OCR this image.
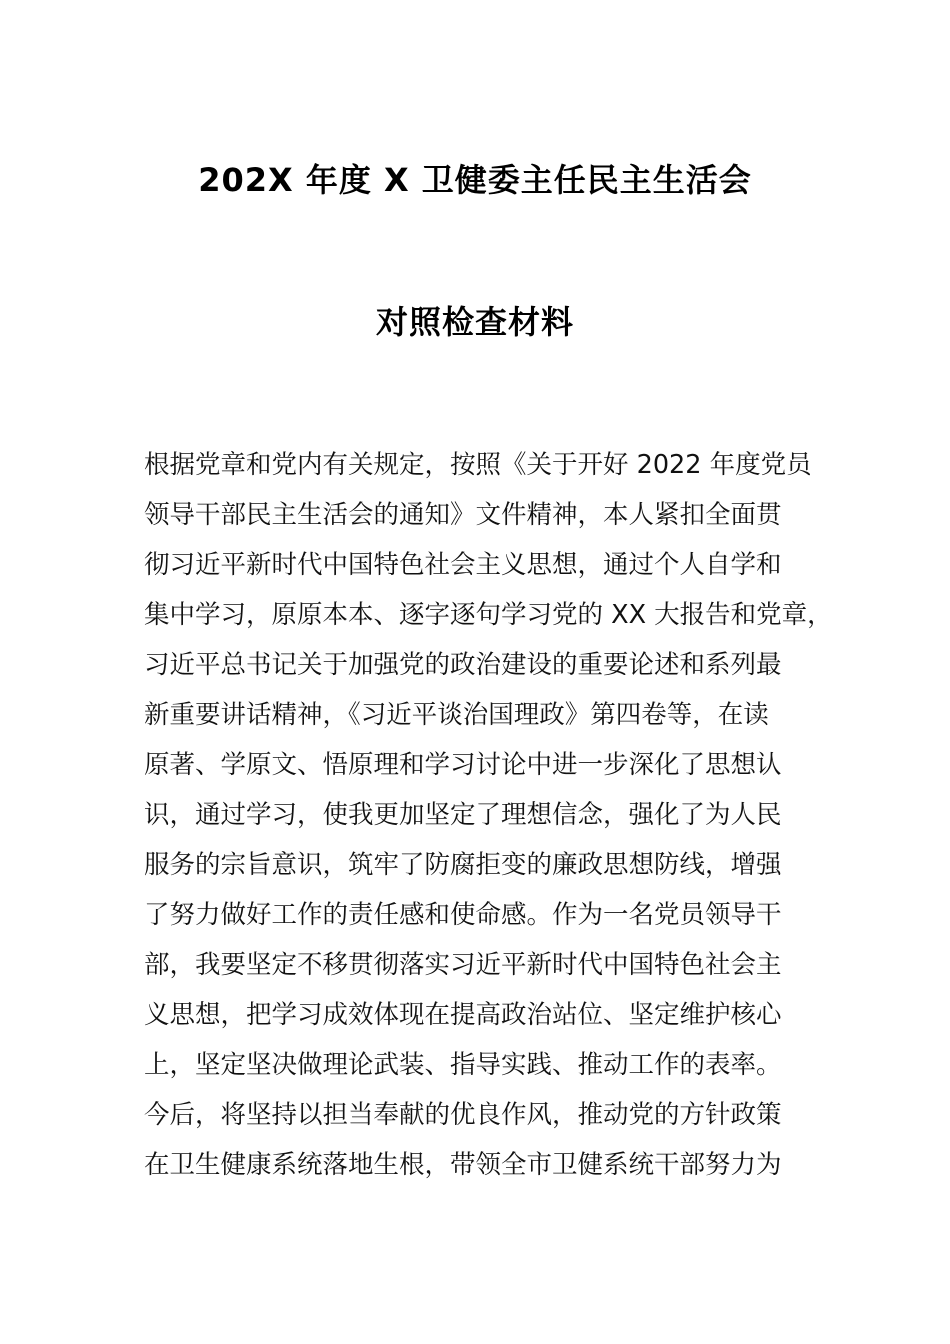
202X 年度 X 卫健委主任民主生活会
对照检查材料
根据党章和党内有关规定，按照《关于开好 2022 年度党员
领导干部民主生活会的通知》文件精神，本人紧扣全面贯
彻习近平新时代中国特色社会主义思想，通过个人自学和
集中学习，原原本本、逐字逐句学习党的 XX 大报告和党章，
习近平总书记关于加强党的政治建设的重要论述和系列最
新重要讲话精神，《习近平谈治国理政》第四卷等，在读
原著、学原文、悟原理和学习讨论中进一步深化了思想认
识，通过学习，使我更加坚定了理想信念，强化了为人民
服务的宗旨意识，筑牢了防腐拒变的廉政思想防线，增强
了努力做好工作的责任感和使命感。作为一名党员领导干
部，我要坚定不移贯彻落实习近平新时代中国特色社会主
义思想，把学习成效体现在提高政治站位、坚定维护核心
上，坚定坚决做理论武装、指导实践、推动工作的表率。
今后，将坚持以担当奉献的优良作风，推动党的方针政策
在卫生健康系统落地生根，带领全市卫健系统干部努力为
